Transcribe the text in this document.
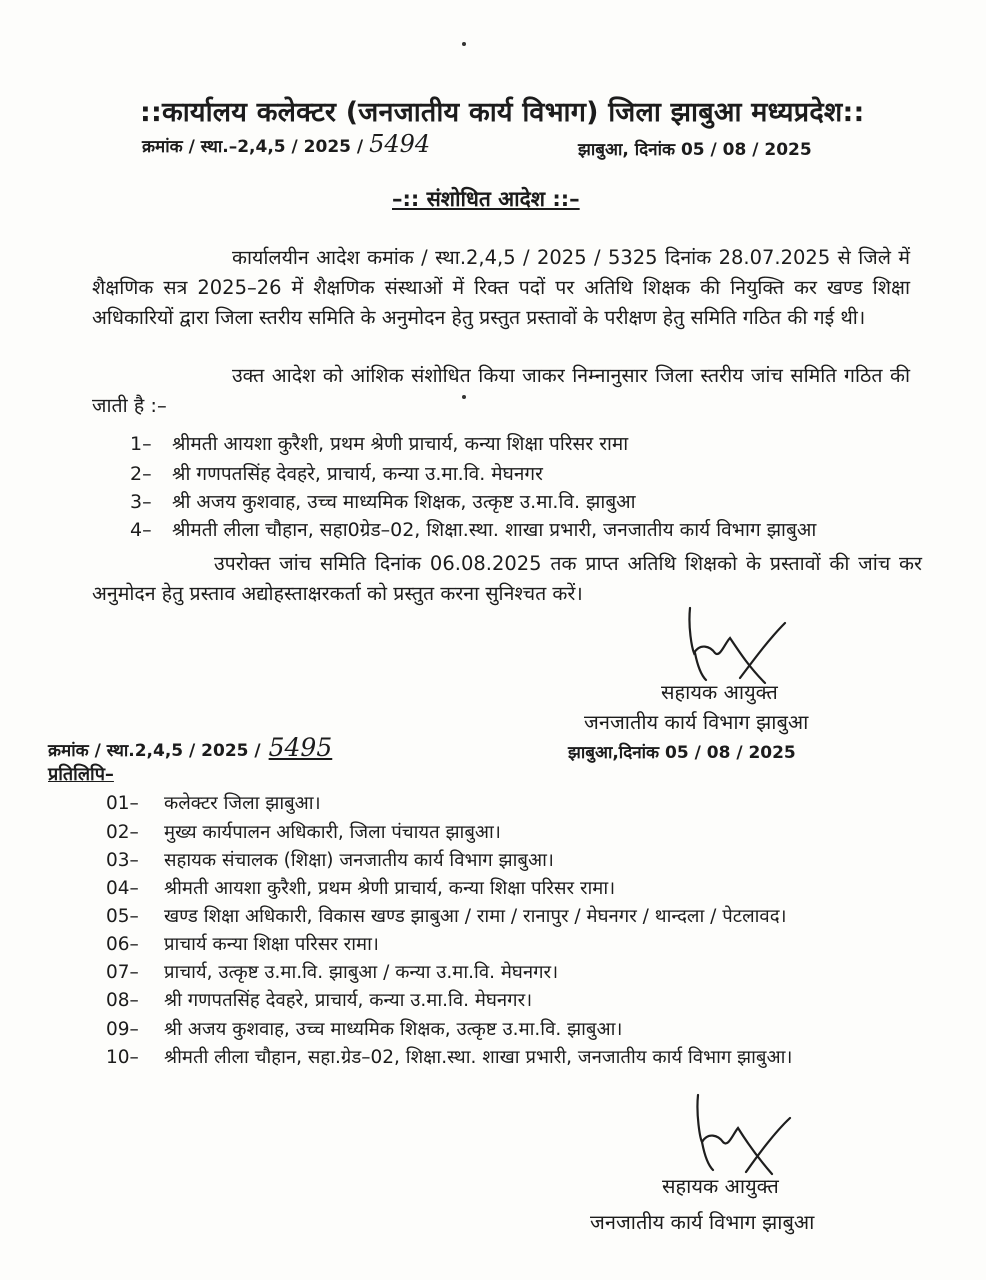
::कार्यालय कलेक्टर (जनजातीय कार्य विभाग) जिला झाबुआ मध्यप्रदेश::
क्रमांक / स्था.–2,4,5 / 2025 / 5494	झाबुआ, दिनांक 05 / 08 / 2025
–:: संशोधित आदेश ::–
कार्यालयीन आदेश कमांक / स्था.2,4,5 / 2025 / 5325 दिनांक 28.07.2025 से जिले में शैक्षणिक सत्र 2025–26 में शैक्षणिक संस्थाओं में रिक्त पदों पर अतिथि शिक्षक की नियुक्ति कर खण्ड शिक्षा अधिकारियों द्वारा जिला स्तरीय समिति के अनुमोदन हेतु प्रस्तुत प्रस्तावों के परीक्षण हेतु समिति गठित की गई थी।
उक्त आदेश को आंशिक संशोधित किया जाकर निम्नानुसार जिला स्तरीय जांच समिति गठित की जाती है :–
1– श्रीमती आयशा कुरैशी, प्रथम श्रेणी प्राचार्य, कन्या शिक्षा परिसर रामा
2– श्री गणपतसिंह देवहरे, प्राचार्य, कन्या उ.मा.वि. मेघनगर
3– श्री अजय कुशवाह, उच्च माध्यमिक शिक्षक, उत्कृष्ट उ.मा.वि. झाबुआ
4– श्रीमती लीला चौहान, सहा0ग्रेड–02, शिक्षा.स्था. शाखा प्रभारी, जनजातीय कार्य विभाग झाबुआ
उपरोक्त जांच समिति दिनांक 06.08.2025 तक प्राप्त अतिथि शिक्षको के प्रस्तावों की जांच कर अनुमोदन हेतु प्रस्ताव अद्योहस्ताक्षरकर्ता को प्रस्तुत करना सुनिश्चत करें।
सहायक आयुक्त
जनजातीय कार्य विभाग झाबुआ
क्रमांक / स्था.2,4,5 / 2025 / 5495	झाबुआ,दिनांक 05 / 08 / 2025
प्रतिलिपि–
01– कलेक्टर जिला झाबुआ।
02– मुख्य कार्यपालन अधिकारी, जिला पंचायत झाबुआ।
03– सहायक संचालक (शिक्षा) जनजातीय कार्य विभाग झाबुआ।
04– श्रीमती आयशा कुरैशी, प्रथम श्रेणी प्राचार्य, कन्या शिक्षा परिसर रामा।
05– खण्ड शिक्षा अधिकारी, विकास खण्ड झाबुआ / रामा / रानापुर / मेघनगर / थान्दला / पेटलावद।
06– प्राचार्य कन्या शिक्षा परिसर रामा।
07– प्राचार्य, उत्कृष्ट उ.मा.वि. झाबुआ / कन्या उ.मा.वि. मेघनगर।
08– श्री गणपतसिंह देवहरे, प्राचार्य, कन्या उ.मा.वि. मेघनगर।
09– श्री अजय कुशवाह, उच्च माध्यमिक शिक्षक, उत्कृष्ट उ.मा.वि. झाबुआ।
10– श्रीमती लीला चौहान, सहा.ग्रेड–02, शिक्षा.स्था. शाखा प्रभारी, जनजातीय कार्य विभाग झाबुआ।
सहायक आयुक्त
जनजातीय कार्य विभाग झाबुआ
